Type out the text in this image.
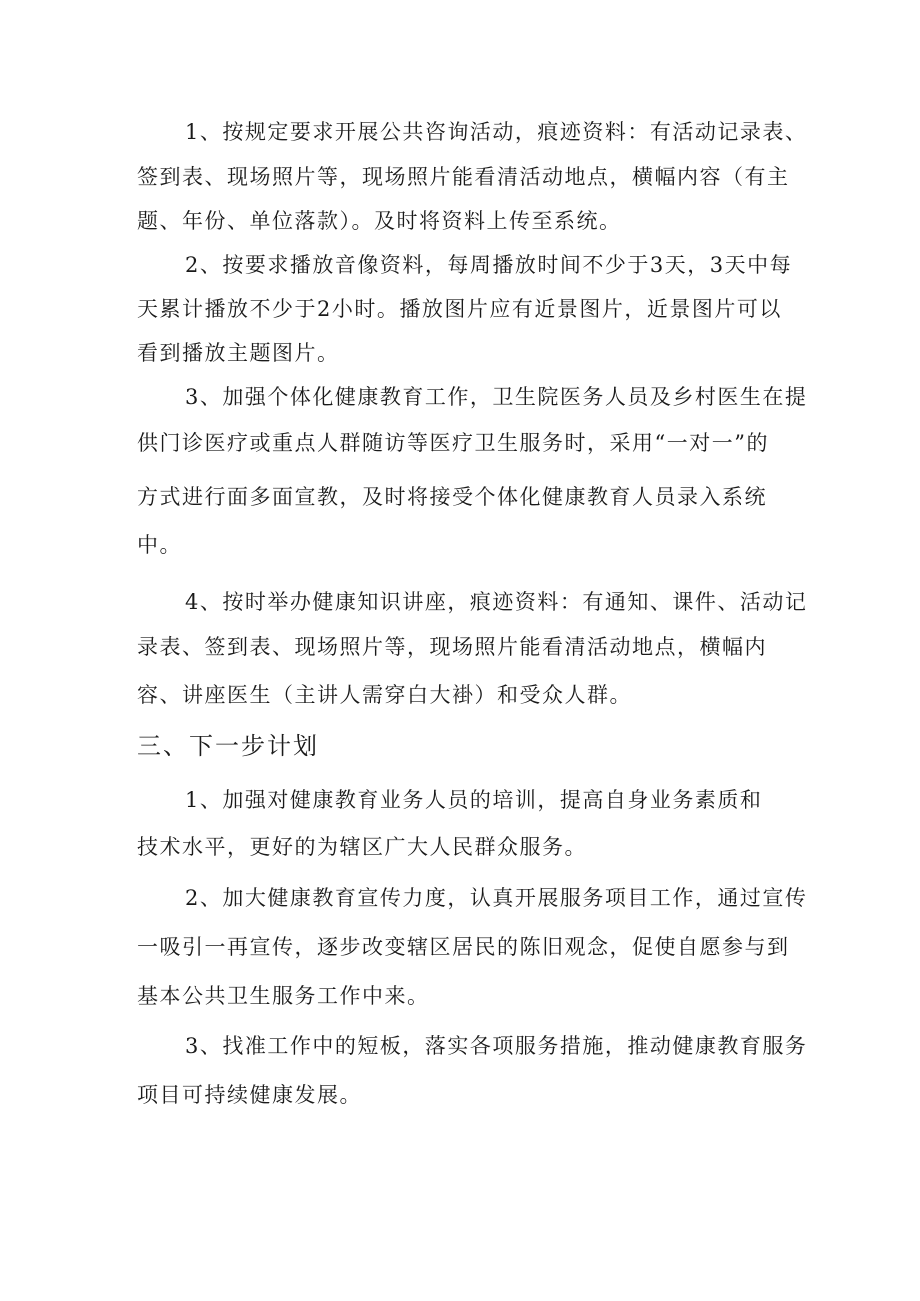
1、按规定要求开展公共咨询活动，痕迹资料：有活动记录表、
签到表、现场照片等，现场照片能看清活动地点，横幅内容（有主
题、年份、单位落款）。及时将资料上传至系统。
2、按要求播放音像资料，每周播放时间不少于3天，3天中每
天累计播放不少于2小时。播放图片应有近景图片，近景图片可以
看到播放主题图片。
3、加强个体化健康教育工作，卫生院医务人员及乡村医生在提
供门诊医疗或重点人群随访等医疗卫生服务时，采用“一对一”的
方式进行面多面宣教，及时将接受个体化健康教育人员录入系统
中。
4、按时举办健康知识讲座，痕迹资料：有通知、课件、活动记
录表、签到表、现场照片等，现场照片能看清活动地点，横幅内
容、讲座医生（主讲人需穿白大褂）和受众人群。
三、下一步计划
1、加强对健康教育业务人员的培训，提高自身业务素质和
技术水平，更好的为辖区广大人民群众服务。
2、加大健康教育宣传力度，认真开展服务项目工作，通过宣传
一吸引一再宣传，逐步改变辖区居民的陈旧观念，促使自愿参与到
基本公共卫生服务工作中来。
3、找准工作中的短板，落实各项服务措施，推动健康教育服务
项目可持续健康发展。
